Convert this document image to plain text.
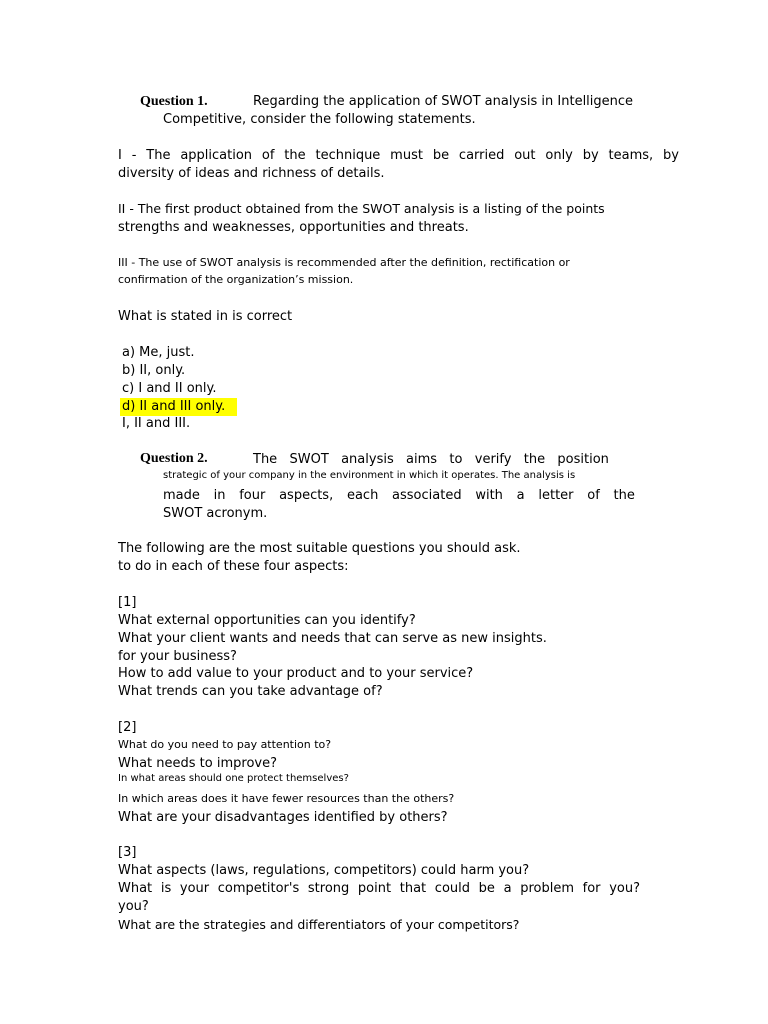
Question 1.	Regarding the application of SWOT analysis in Intelligence
Competitive, consider the following statements.
I - The application of the technique must be carried out only by teams, by
diversity of ideas and richness of details.
II - The first product obtained from the SWOT analysis is a listing of the points
strengths and weaknesses, opportunities and threats.
III - The use of SWOT analysis is recommended after the definition, rectification or
confirmation of the organization’s mission.
What is stated in is correct
a) Me, just.
b) II, only.
c) I and II only.
d) II and III only.
I, II and III.
Question 2.	The SWOT analysis aims to verify the position
strategic of your company in the environment in which it operates. The analysis is
made in four aspects, each associated with a letter of the
SWOT acronym.
The following are the most suitable questions you should ask.
to do in each of these four aspects:
[1]
What external opportunities can you identify?
What your client wants and needs that can serve as new insights.
for your business?
How to add value to your product and to your service?
What trends can you take advantage of?
[2]
What do you need to pay attention to?
What needs to improve?
In what areas should one protect themselves?
In which areas does it have fewer resources than the others?
What are your disadvantages identified by others?
[3]
What aspects (laws, regulations, competitors) could harm you?
What is your competitor's strong point that could be a problem for you?
you?
What are the strategies and differentiators of your competitors?
